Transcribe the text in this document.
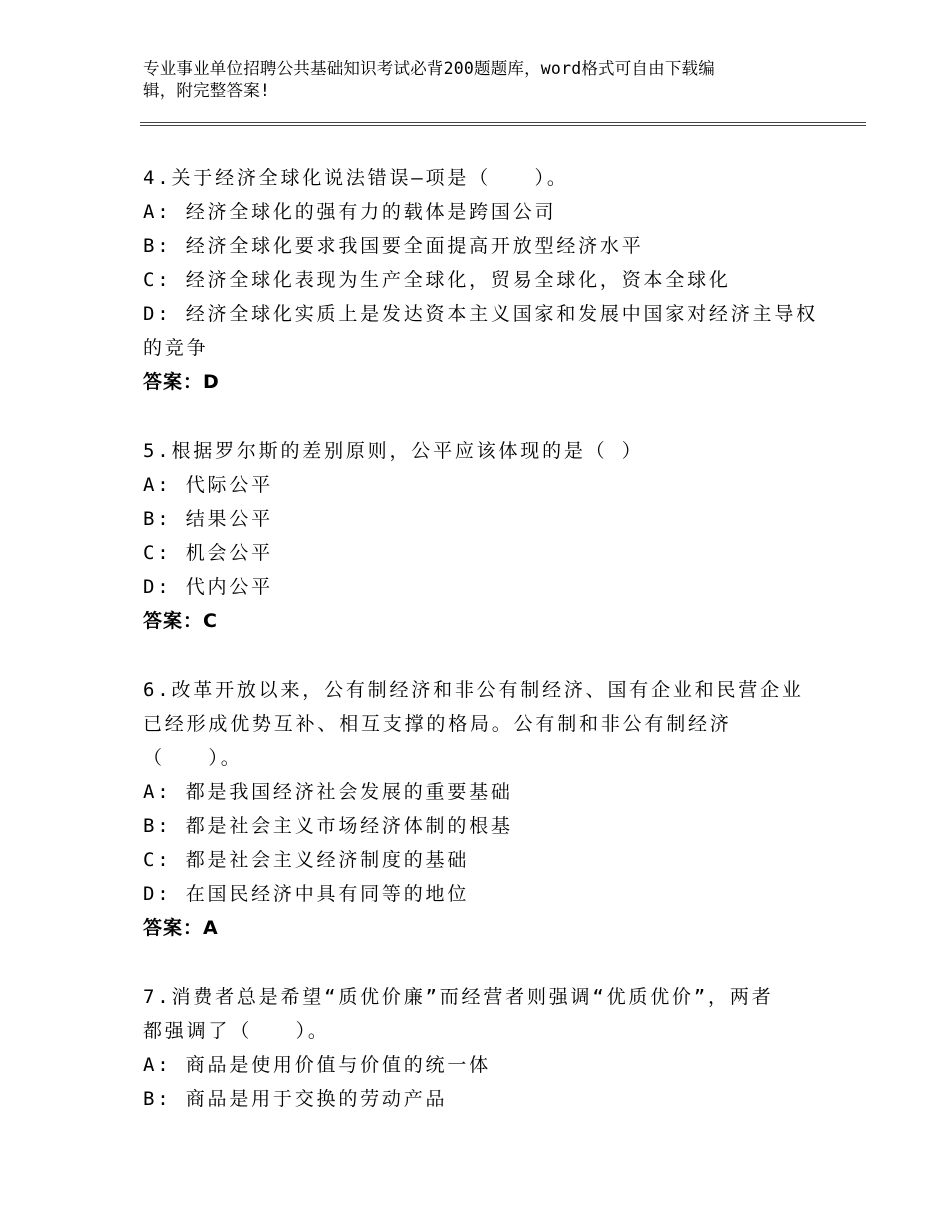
专业事业单位招聘公共基础知识考试必背200题题库，word格式可自由下载编
辑，附完整答案!
4.关于经济全球化说法错误—项是（　　）。
A: 经济全球化的强有力的载体是跨国公司
B: 经济全球化要求我国要全面提高开放型经济水平
C: 经济全球化表现为生产全球化，贸易全球化，资本全球化
D: 经济全球化实质上是发达资本主义国家和发展中国家对经济主导权
的竞争
答案：D
5.根据罗尔斯的差别原则，公平应该体现的是（ ）
A: 代际公平
B: 结果公平
C: 机会公平
D: 代内公平
答案：C
6.改革开放以来，公有制经济和非公有制经济、国有企业和民营企业
已经形成优势互补、相互支撑的格局。公有制和非公有制经济
（　　）。
A: 都是我国经济社会发展的重要基础
B: 都是社会主义市场经济体制的根基
C: 都是社会主义经济制度的基础
D: 在国民经济中具有同等的地位
答案：A
7.消费者总是希望“质优价廉”而经营者则强调“优质优价”，两者
都强调了（　　）。
A: 商品是使用价值与价值的统一体
B: 商品是用于交换的劳动产品
